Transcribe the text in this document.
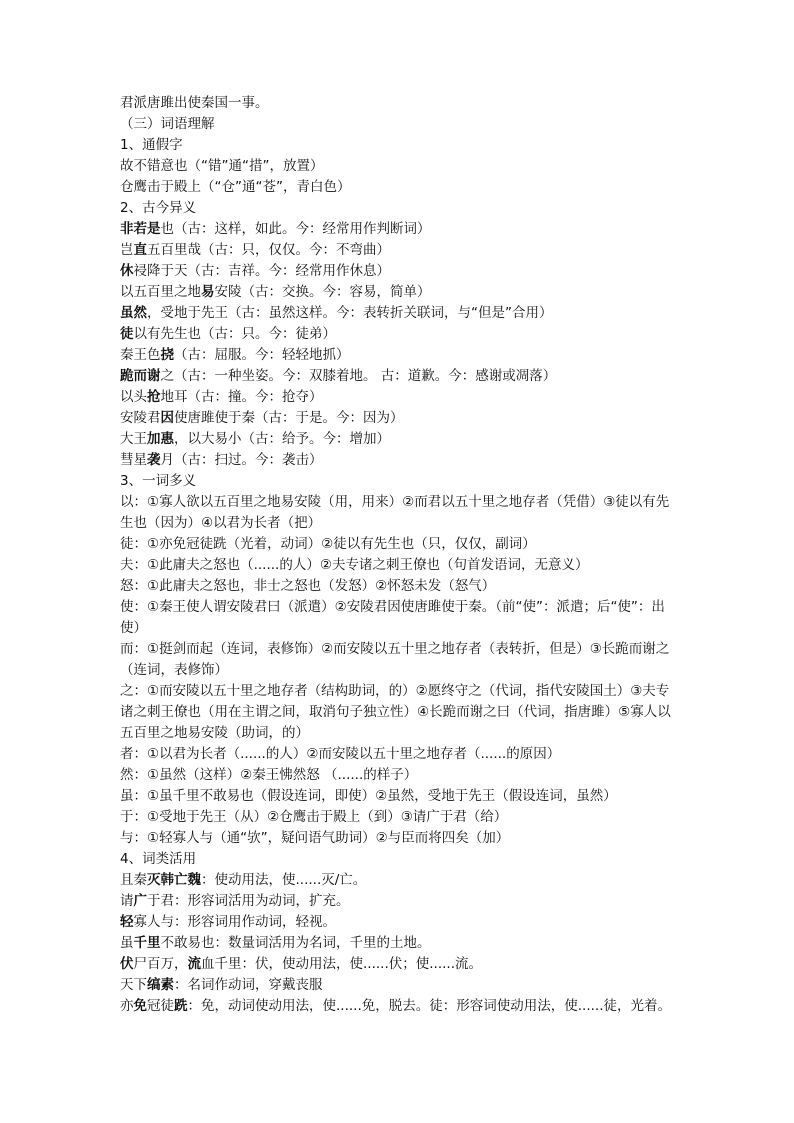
君派唐雎出使秦国一事。
（三）词语理解
1、通假字
故不错意也（“错”通“措”，放置）
仓鹰击于殿上（“仓”通“苍”，青白色）
2、古今异义
非若是也（古：这样，如此。今：经常用作判断词）
岂直五百里哉（古：只，仅仅。今：不弯曲）
休祲降于天（古：吉祥。今：经常用作休息）
以五百里之地易安陵（古：交换。今：容易，简单）
虽然，受地于先王（古：虽然这样。今：表转折关联词，与“但是”合用）
徒以有先生也（古：只。今：徒弟）
秦王色挠（古：屈服。今：轻轻地抓）
跪而谢之（古：一种坐姿。今：双膝着地。 古：道歉。今：感谢或凋落）
以头抢地耳（古：撞。今：抢夺）
安陵君因使唐雎使于秦（古：于是。今：因为）
大王加惠，以大易小（古：给予。今：增加）
彗星袭月（古：扫过。今：袭击）
3、一词多义
以：①寡人欲以五百里之地易安陵（用，用来）②而君以五十里之地存者（凭借）③徒以有先生也（因为）④以君为长者（把）
徒：①亦免冠徒跣（光着，动词）②徒以有先生也（只，仅仅，副词）
夫：①此庸夫之怒也（......的人）②夫专诸之刺王僚也（句首发语词，无意义）
怒：①此庸夫之怒也，非士之怒也（发怒）②怀怒未发（怒气）
使：①秦王使人谓安陵君曰（派遣）②安陵君因使唐雎使于秦。（前“使”：派遣；后“使”：出使）
而：①挺剑而起（连词，表修饰）②而安陵以五十里之地存者（表转折，但是）③长跪而谢之（连词，表修饰）
之：①而安陵以五十里之地存者（结构助词，的）②愿终守之（代词，指代安陵国土）③夫专诸之刺王僚也（用在主谓之间，取消句子独立性）④长跪而谢之曰（代词，指唐雎）⑤寡人以五百里之地易安陵（助词，的）
者：①以君为长者（......的人）②而安陵以五十里之地存者（......的原因）
然：①虽然（这样）②秦王怫然怒 （......的样子）
虽：①虽千里不敢易也（假设连词，即使）②虽然，受地于先王（假设连词，虽然）
于：①受地于先王（从）②仓鹰击于殿上（到）③请广于君（给）
与：①轻寡人与（通“欤”，疑问语气助词）②与臣而将四矣（加）
4、词类活用
且秦灭韩亡魏：使动用法，使......灭/亡。
请广于君：形容词活用为动词，扩充。
轻寡人与：形容词用作动词，轻视。
虽千里不敢易也：数量词活用为名词，千里的土地。
伏尸百万，流血千里：伏，使动用法，使......伏；使......流。
天下缟素：名词作动词，穿戴丧服
亦免冠徒跣：免，动词使动用法，使......免，脱去。徒：形容词使动用法，使......徒，光着。
